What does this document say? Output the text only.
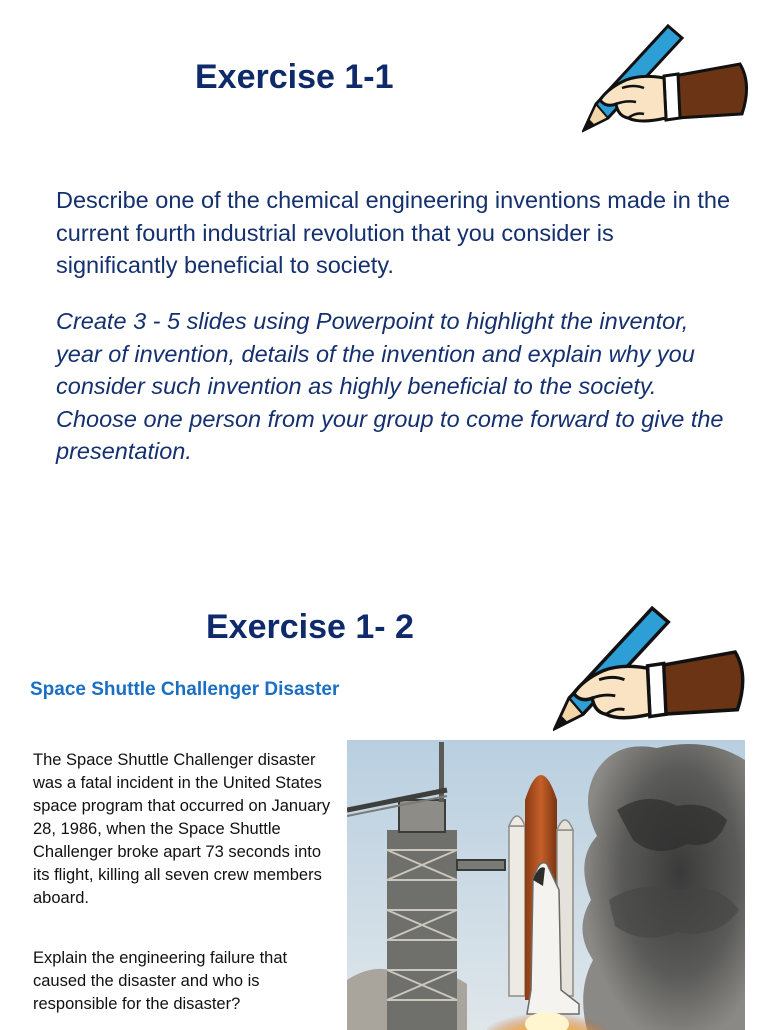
Exercise 1-1

Describe one of the chemical engineering inventions made in the current fourth industrial revolution that you consider is significantly beneficial to society.

Create 3 - 5 slides using Powerpoint to highlight the inventor, year of invention, details of the invention and explain why you consider such invention as highly beneficial to the society. Choose one person from your group to come forward to give the presentation.

Exercise 1- 2
Space Shuttle Challenger Disaster

The Space Shuttle Challenger disaster was a fatal incident in the United States space program that occurred on January 28, 1986, when the Space Shuttle Challenger broke apart 73 seconds into its flight, killing all seven crew members aboard.

Explain the engineering failure that caused the disaster and who is responsible for the disaster?
